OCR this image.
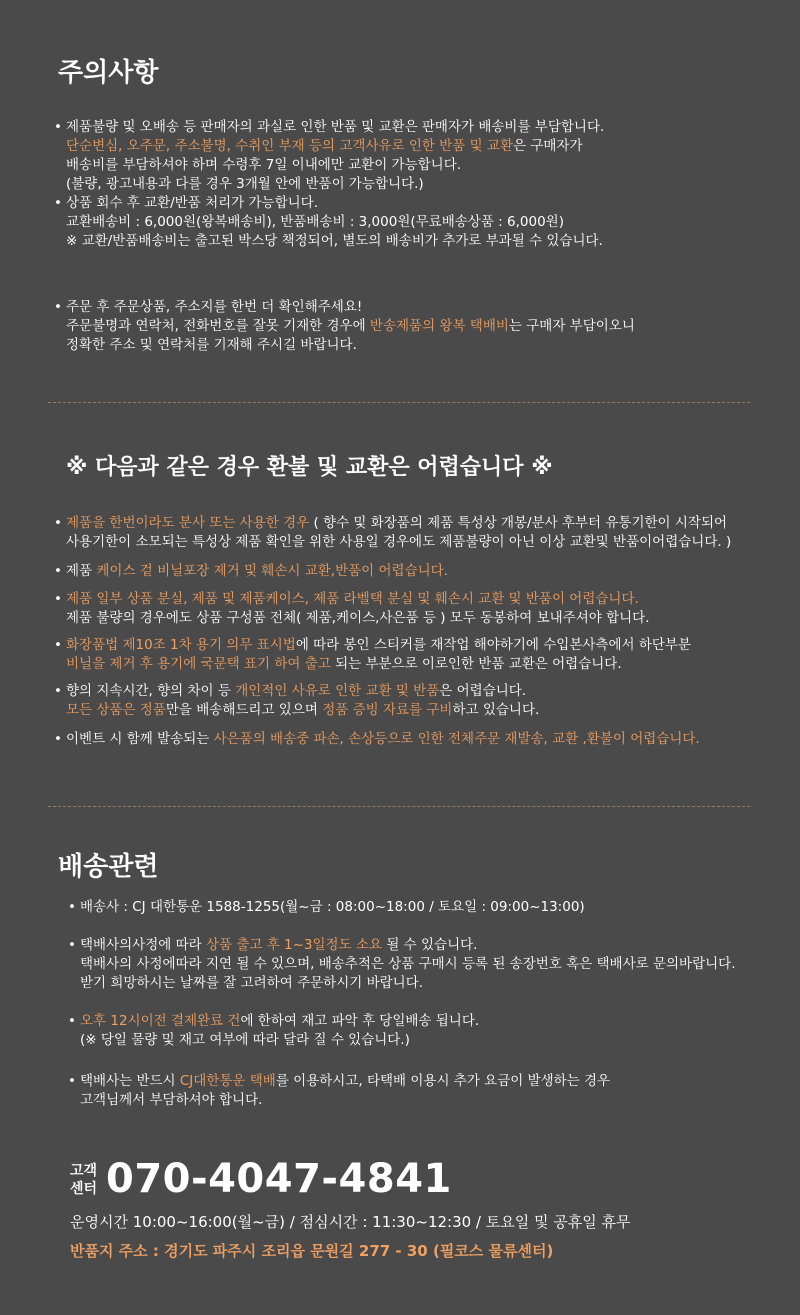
주의사항
• 제품불량 및 오배송 등 판매자의 과실로 인한 반품 및 교환은 판매자가 배송비를 부담합니다.
단순변심, 오주문, 주소불명, 수취인 부재 등의 고객사유로 인한 반품 및 교환은 구매자가
배송비를 부담하셔야 하며 수령후 7일 이내에만 교환이 가능합니다.
(불량, 광고내용과 다를 경우 3개월 안에 반품이 가능합니다.)
• 상품 회수 후 교환/반품 처리가 가능합니다.
교환배송비 : 6,000원(왕복배송비), 반품배송비 : 3,000원(무료배송상품 : 6,000원)
※ 교환/반품배송비는 출고된 박스당 책정되어, 별도의 배송비가 추가로 부과될 수 있습니다.
• 주문 후 주문상품, 주소지를 한번 더 확인해주세요!
주문불명과 연락처, 전화번호를 잘못 기재한 경우에 반송제품의 왕복 택배비는 구매자 부담이오니
정확한 주소 및 연락처를 기재해 주시길 바랍니다.
※ 다음과 같은 경우 환불 및 교환은 어렵습니다 ※
• 제품을 한번이라도 분사 또는 사용한 경우 ( 향수 및 화장품의 제품 특성상 개봉/분사 후부터 유통기한이 시작되어
사용기한이 소모되는 특성상 제품 확인을 위한 사용일 경우에도 제품불량이 아닌 이상 교환및 반품이어렵습니다. )
• 제품 케이스 겉 비닐포장 제거 및 훼손시 교환,반품이 어렵습니다.
• 제품 일부 상품 분실, 제품 및 제품케이스, 제품 라벨택 분실 및 훼손시 교환 및 반품이 어렵습니다.
제품 불량의 경우에도 상품 구성품 전체( 제품,케이스,사은품 등 ) 모두 동봉하여 보내주셔야 합니다.
• 화장품법 제10조 1차 용기 의무 표시법에 따라 봉인 스티커를 재작업 해야하기에 수입본사측에서 하단부분
비닐을 제거 후 용기에 국문택 표기 하여 출고 되는 부분으로 이로인한 반품 교환은 어렵습니다.
• 향의 지속시간, 향의 차이 등 개인적인 사유로 인한 교환 및 반품은 어렵습니다.
모든 상품은 정품만을 배송해드리고 있으며 정품 증빙 자료를 구비하고 있습니다.
• 이벤트 시 함께 발송되는 사은품의 배송중 파손, 손상등으로 인한 전체주문 재발송, 교환 ,환불이 어렵습니다.
배송관련
• 배송사 : CJ 대한통운 1588-1255(월~금 : 08:00~18:00 / 토요일 : 09:00~13:00)
• 택배사의사정에 따라 상품 출고 후 1~3일정도 소요 될 수 있습니다.
택배사의 사정에따라 지연 될 수 있으며, 배송추적은 상품 구매시 등록 된 송장번호 혹은 택배사로 문의바랍니다.
받기 희망하시는 날짜를 잘 고려하여 주문하시기 바랍니다.
• 오후 12시이전 결제완료 건에 한하여 재고 파악 후 당일배송 됩니다.
(※ 당일 물량 및 재고 여부에 따라 달라 질 수 있습니다.)
• 택배사는 반드시 CJ대한통운 택배를 이용하시고, 타택배 이용시 추가 요금이 발생하는 경우
고객님께서 부담하셔야 합니다.
고객
센터 070-4047-4841
운영시간 10:00~16:00(월~금) / 점심시간 : 11:30~12:30 / 토요일 및 공휴일 휴무
반품지 주소 : 경기도 파주시 조리읍 문원길 277 - 30 (필코스 물류센터)
